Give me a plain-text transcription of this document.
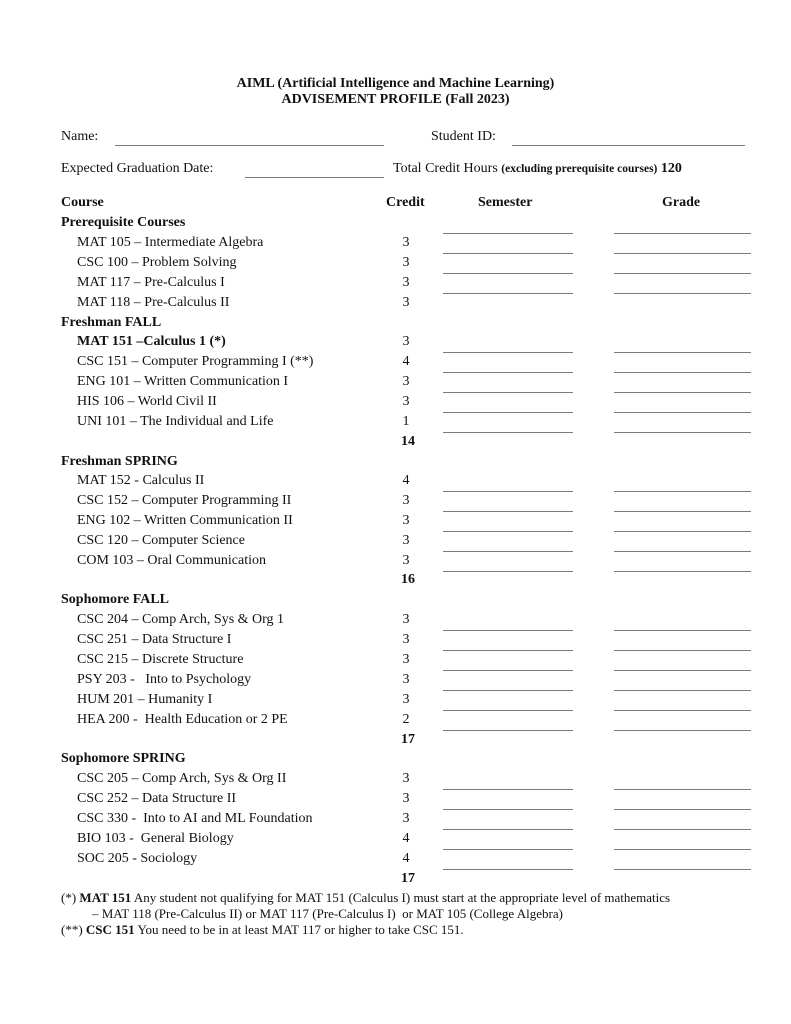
AIML (Artificial Intelligence and Machine Learning)
ADVISEMENT PROFILE (Fall 2023)
Name:	Student ID:
Expected Graduation Date:	Total Credit Hours (excluding prerequisite courses) 120
Course	Credit	Semester	Grade
Prerequisite Courses
MAT 105 – Intermediate Algebra	3
CSC 100 – Problem Solving	3
MAT 117 – Pre-Calculus I	3
MAT 118 – Pre-Calculus II	3
Freshman FALL
MAT 151 –Calculus 1 (*)	3
CSC 151 – Computer Programming I (**)	4
ENG 101 – Written Communication I	3
HIS 106 – World Civil II	3
UNI 101 – The Individual and Life	1
14
Freshman SPRING
MAT 152 - Calculus II	4
CSC 152 – Computer Programming II	3
ENG 102 – Written Communication II	3
CSC 120 – Computer Science	3
COM 103 – Oral Communication	3
16
Sophomore FALL
CSC 204 – Comp Arch, Sys & Org 1	3
CSC 251 – Data Structure I	3
CSC 215 – Discrete Structure	3
PSY 203 -   Into to Psychology	3
HUM 201 – Humanity I	3
HEA 200 -  Health Education or 2 PE	2
17
Sophomore SPRING
CSC 205 – Comp Arch, Sys & Org II	3
CSC 252 – Data Structure II	3
CSC 330 -  Into to AI and ML Foundation	3
BIO 103 -  General Biology	4
SOC 205 - Sociology	4
17
(*) MAT 151 Any student not qualifying for MAT 151 (Calculus I) must start at the appropriate level of mathematics
– MAT 118 (Pre-Calculus II) or MAT 117 (Pre-Calculus I)  or MAT 105 (College Algebra)
(**) CSC 151 You need to be in at least MAT 117 or higher to take CSC 151.
